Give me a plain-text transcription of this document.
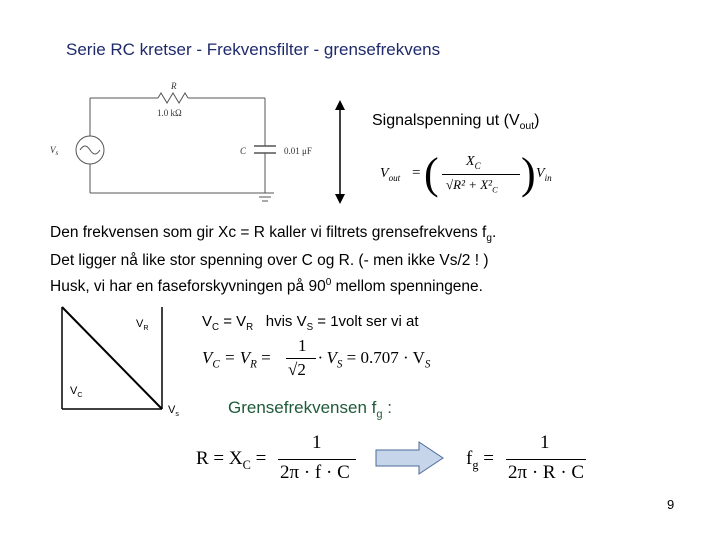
Serie RC kretser - Frekvensfilter - grensefrekvens
R
1.0 kΩ
C	0.01 μF
$V_s$
Signalspenning ut $(V_{out})$
$V_{out}$ = ( $X_C$
$√R^2 + X^2_C$ ) $V_{in}$
Den frekvensen som gir Xc = R kaller vi filtrets grensefrekvens $f_g$.
Det ligger nå like stor spenning over C og R. (- men ikke Vs/2 ! )
Husk, vi har en faseforskyvningen på $90^0$ mellom spenningene.
$V_R$
$V_C$
$V_s$
$V_C = V_R$   hvis $V_S$ = 1volt ser vi at
$V_C = V_R$ =
1
√2
· $V_S = 0.707 \cdot V_S$
Grensefrekvensen $f_g$ :
$R = X_C$ =
1
2π · f · C
$f_g$ =
1
2π · R · C
9
